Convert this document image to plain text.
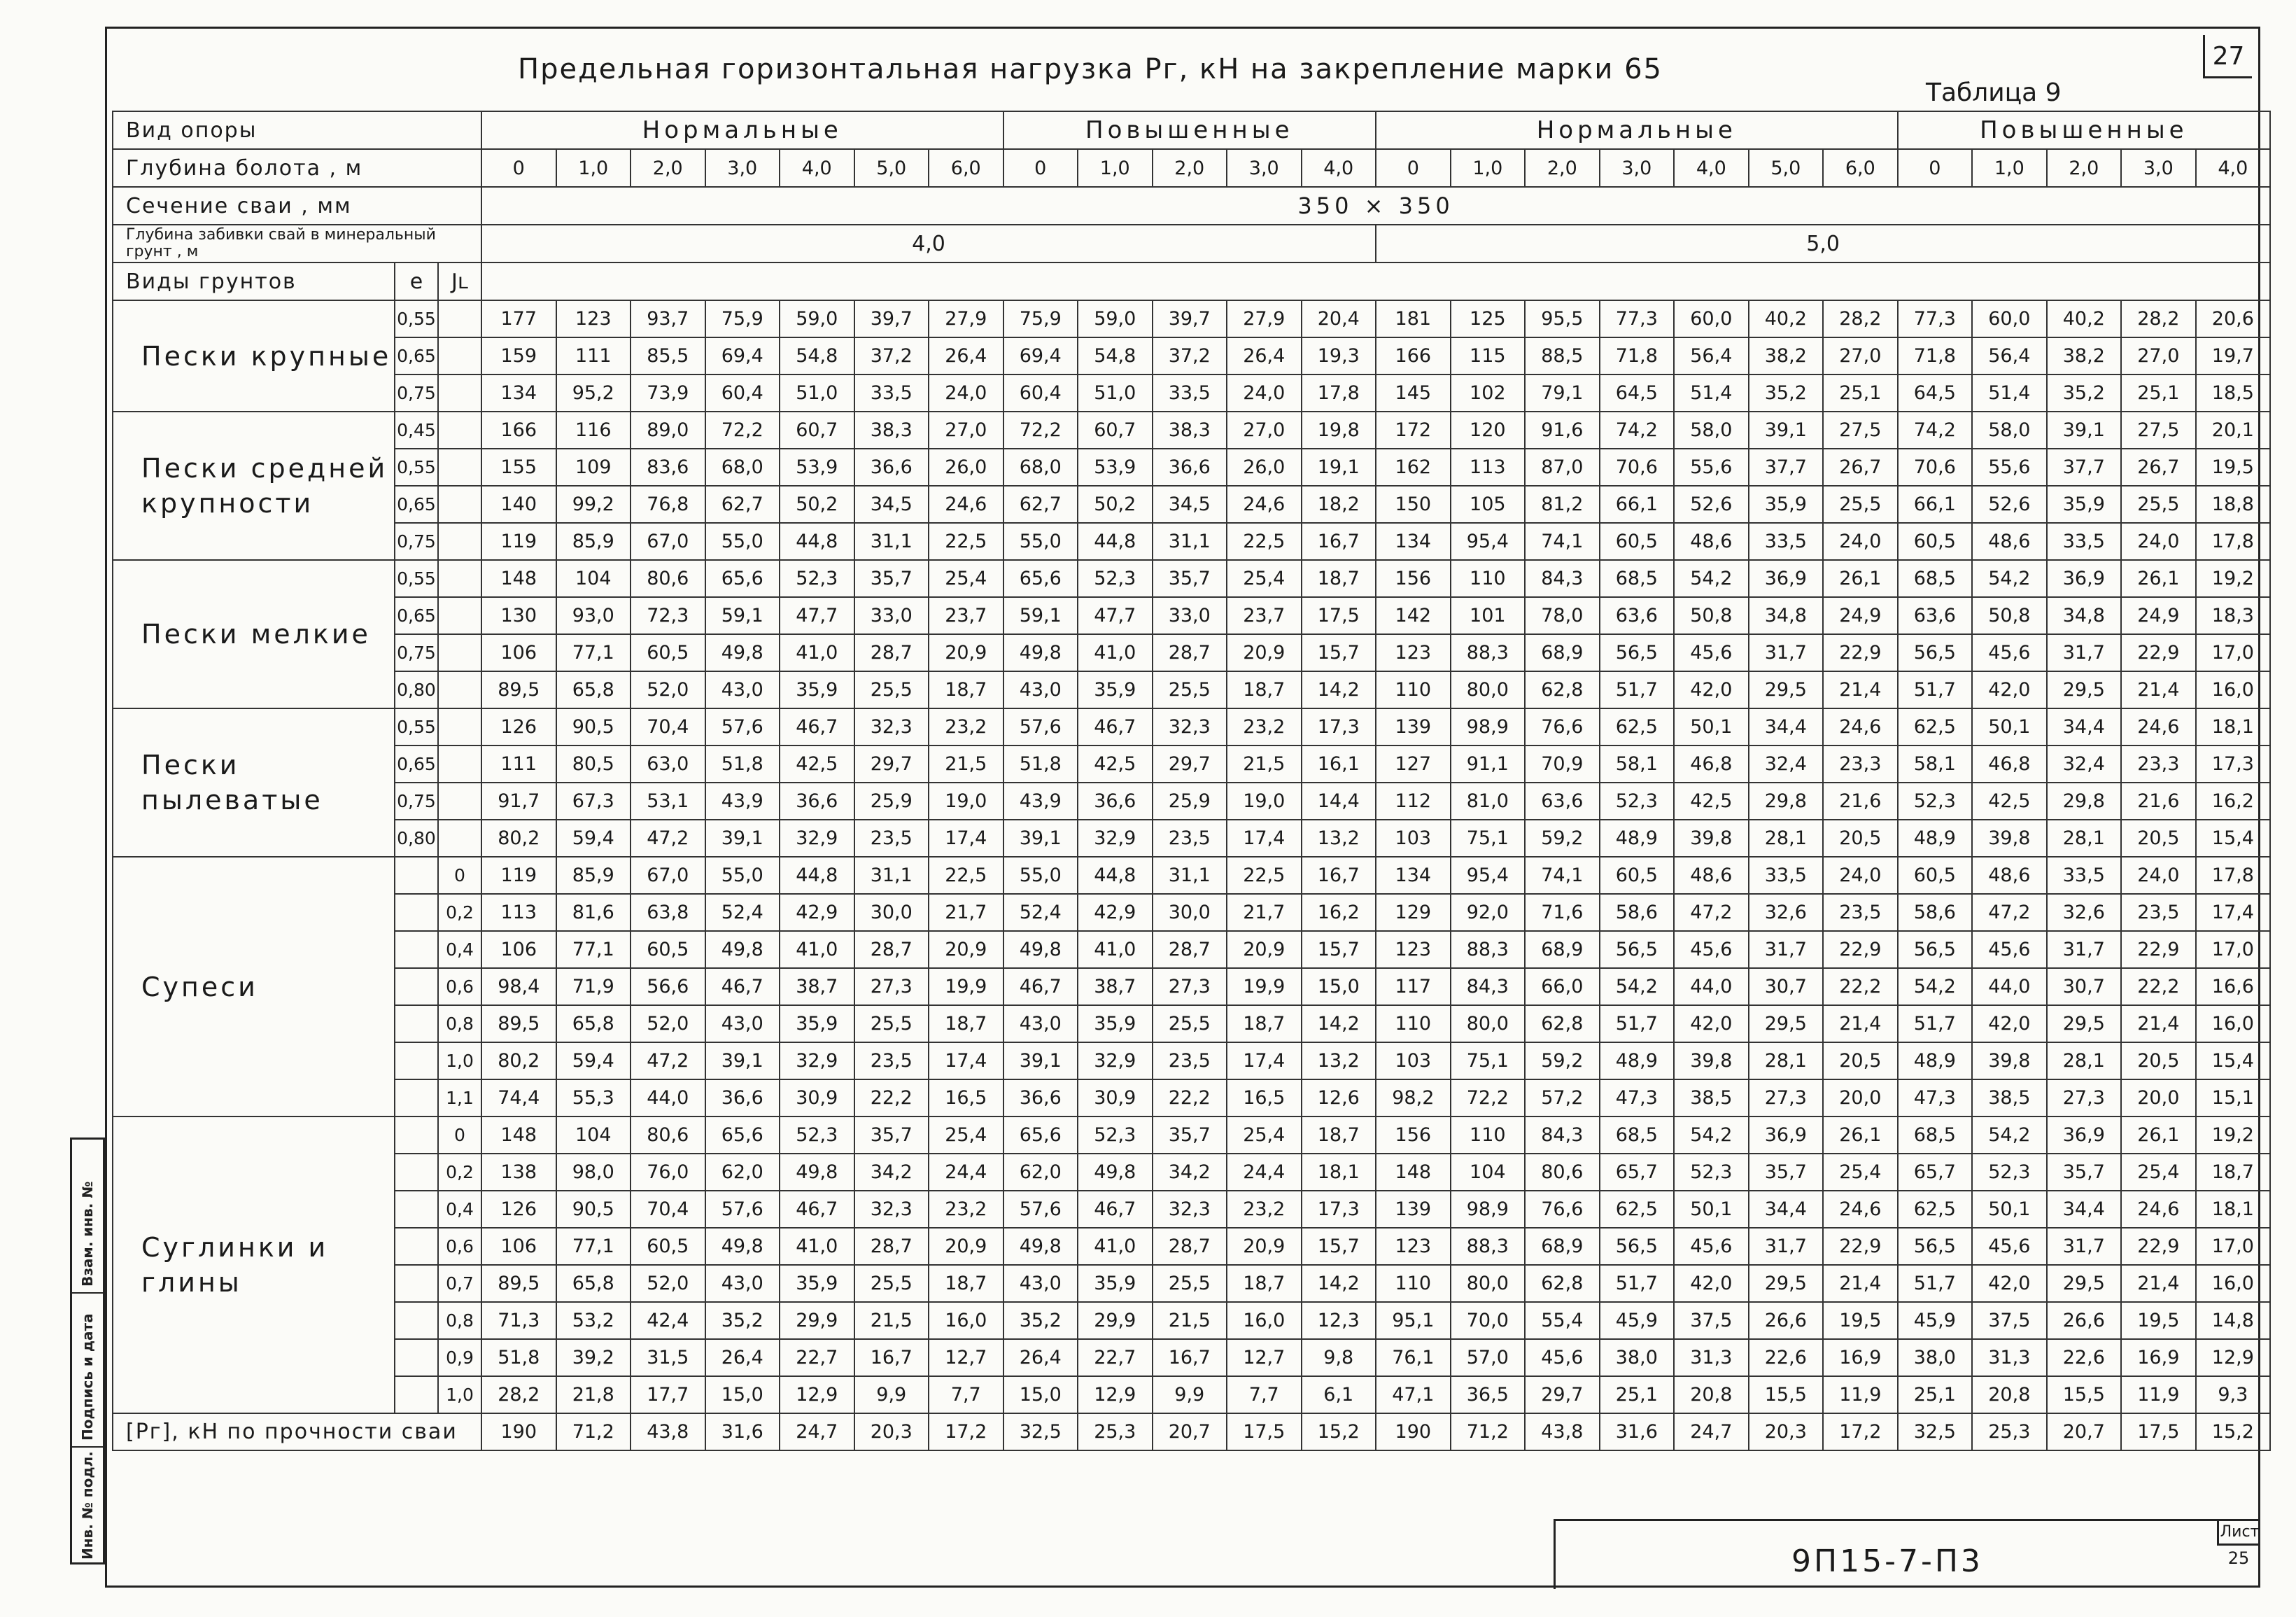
Взам. инв. №
Подпись и дата
Инв. № подл.
Предельная горизонтальная нагрузка Pг, кН на закрепление марки 65	27
Таблица 9
Вид опоры			Нормальные							Повышенные					Нормальные							Повышенные				
Глубина болота , м			0	1,0	2,0	3,0	4,0	5,0	6,0	0	1,0	2,0	3,0	4,0	0	1,0	2,0	3,0	4,0	5,0	6,0	0	1,0	2,0	3,0	4,0
Сечение сваи , мм			350 × 350																							
Глубина забивки свай в минеральный грунт , м			4,0												5,0											
Виды грунтов	e	Jʟ																								
Пески крупные	0,55		177	123	93,7	75,9	59,0	39,7	27,9	75,9	59,0	39,7	27,9	20,4	181	125	95,5	77,3	60,0	40,2	28,2	77,3	60,0	40,2	28,2	20,6
	0,65		159	111	85,5	69,4	54,8	37,2	26,4	69,4	54,8	37,2	26,4	19,3	166	115	88,5	71,8	56,4	38,2	27,0	71,8	56,4	38,2	27,0	19,7
	0,75		134	95,2	73,9	60,4	51,0	33,5	24,0	60,4	51,0	33,5	24,0	17,8	145	102	79,1	64,5	51,4	35,2	25,1	64,5	51,4	35,2	25,1	18,5
Пески средней крупности	0,45		166	116	89,0	72,2	60,7	38,3	27,0	72,2	60,7	38,3	27,0	19,8	172	120	91,6	74,2	58,0	39,1	27,5	74,2	58,0	39,1	27,5	20,1
	0,55		155	109	83,6	68,0	53,9	36,6	26,0	68,0	53,9	36,6	26,0	19,1	162	113	87,0	70,6	55,6	37,7	26,7	70,6	55,6	37,7	26,7	19,5
	0,65		140	99,2	76,8	62,7	50,2	34,5	24,6	62,7	50,2	34,5	24,6	18,2	150	105	81,2	66,1	52,6	35,9	25,5	66,1	52,6	35,9	25,5	18,8
	0,75		119	85,9	67,0	55,0	44,8	31,1	22,5	55,0	44,8	31,1	22,5	16,7	134	95,4	74,1	60,5	48,6	33,5	24,0	60,5	48,6	33,5	24,0	17,8
Пески мелкие	0,55		148	104	80,6	65,6	52,3	35,7	25,4	65,6	52,3	35,7	25,4	18,7	156	110	84,3	68,5	54,2	36,9	26,1	68,5	54,2	36,9	26,1	19,2
	0,65		130	93,0	72,3	59,1	47,7	33,0	23,7	59,1	47,7	33,0	23,7	17,5	142	101	78,0	63,6	50,8	34,8	24,9	63,6	50,8	34,8	24,9	18,3
	0,75		106	77,1	60,5	49,8	41,0	28,7	20,9	49,8	41,0	28,7	20,9	15,7	123	88,3	68,9	56,5	45,6	31,7	22,9	56,5	45,6	31,7	22,9	17,0
	0,80		89,5	65,8	52,0	43,0	35,9	25,5	18,7	43,0	35,9	25,5	18,7	14,2	110	80,0	62,8	51,7	42,0	29,5	21,4	51,7	42,0	29,5	21,4	16,0
Пески пылеватые	0,55		126	90,5	70,4	57,6	46,7	32,3	23,2	57,6	46,7	32,3	23,2	17,3	139	98,9	76,6	62,5	50,1	34,4	24,6	62,5	50,1	34,4	24,6	18,1
	0,65		111	80,5	63,0	51,8	42,5	29,7	21,5	51,8	42,5	29,7	21,5	16,1	127	91,1	70,9	58,1	46,8	32,4	23,3	58,1	46,8	32,4	23,3	17,3
	0,75		91,7	67,3	53,1	43,9	36,6	25,9	19,0	43,9	36,6	25,9	19,0	14,4	112	81,0	63,6	52,3	42,5	29,8	21,6	52,3	42,5	29,8	21,6	16,2
	0,80		80,2	59,4	47,2	39,1	32,9	23,5	17,4	39,1	32,9	23,5	17,4	13,2	103	75,1	59,2	48,9	39,8	28,1	20,5	48,9	39,8	28,1	20,5	15,4
Супеси		0	119	85,9	67,0	55,0	44,8	31,1	22,5	55,0	44,8	31,1	22,5	16,7	134	95,4	74,1	60,5	48,6	33,5	24,0	60,5	48,6	33,5	24,0	17,8
		0,2	113	81,6	63,8	52,4	42,9	30,0	21,7	52,4	42,9	30,0	21,7	16,2	129	92,0	71,6	58,6	47,2	32,6	23,5	58,6	47,2	32,6	23,5	17,4
		0,4	106	77,1	60,5	49,8	41,0	28,7	20,9	49,8	41,0	28,7	20,9	15,7	123	88,3	68,9	56,5	45,6	31,7	22,9	56,5	45,6	31,7	22,9	17,0
		0,6	98,4	71,9	56,6	46,7	38,7	27,3	19,9	46,7	38,7	27,3	19,9	15,0	117	84,3	66,0	54,2	44,0	30,7	22,2	54,2	44,0	30,7	22,2	16,6
		0,8	89,5	65,8	52,0	43,0	35,9	25,5	18,7	43,0	35,9	25,5	18,7	14,2	110	80,0	62,8	51,7	42,0	29,5	21,4	51,7	42,0	29,5	21,4	16,0
		1,0	80,2	59,4	47,2	39,1	32,9	23,5	17,4	39,1	32,9	23,5	17,4	13,2	103	75,1	59,2	48,9	39,8	28,1	20,5	48,9	39,8	28,1	20,5	15,4
		1,1	74,4	55,3	44,0	36,6	30,9	22,2	16,5	36,6	30,9	22,2	16,5	12,6	98,2	72,2	57,2	47,3	38,5	27,3	20,0	47,3	38,5	27,3	20,0	15,1
Суглинки и глины		0	148	104	80,6	65,6	52,3	35,7	25,4	65,6	52,3	35,7	25,4	18,7	156	110	84,3	68,5	54,2	36,9	26,1	68,5	54,2	36,9	26,1	19,2
		0,2	138	98,0	76,0	62,0	49,8	34,2	24,4	62,0	49,8	34,2	24,4	18,1	148	104	80,6	65,7	52,3	35,7	25,4	65,7	52,3	35,7	25,4	18,7
		0,4	126	90,5	70,4	57,6	46,7	32,3	23,2	57,6	46,7	32,3	23,2	17,3	139	98,9	76,6	62,5	50,1	34,4	24,6	62,5	50,1	34,4	24,6	18,1
		0,6	106	77,1	60,5	49,8	41,0	28,7	20,9	49,8	41,0	28,7	20,9	15,7	123	88,3	68,9	56,5	45,6	31,7	22,9	56,5	45,6	31,7	22,9	17,0
		0,7	89,5	65,8	52,0	43,0	35,9	25,5	18,7	43,0	35,9	25,5	18,7	14,2	110	80,0	62,8	51,7	42,0	29,5	21,4	51,7	42,0	29,5	21,4	16,0
		0,8	71,3	53,2	42,4	35,2	29,9	21,5	16,0	35,2	29,9	21,5	16,0	12,3	95,1	70,0	55,4	45,9	37,5	26,6	19,5	45,9	37,5	26,6	19,5	14,8
		0,9	51,8	39,2	31,5	26,4	22,7	16,7	12,7	26,4	22,7	16,7	12,7	9,8	76,1	57,0	45,6	38,0	31,3	22,6	16,9	38,0	31,3	22,6	16,9	12,9
		1,0	28,2	21,8	17,7	15,0	12,9	9,9	7,7	15,0	12,9	9,9	7,7	6,1	47,1	36,5	29,7	25,1	20,8	15,5	11,9	25,1	20,8	15,5	11,9	9,3
[Pг], кН по прочности сваи			190	71,2	43,8	31,6	24,7	20,3	17,2	32,5	25,3	20,7	17,5	15,2	190	71,2	43,8	31,6	24,7	20,3	17,2	32,5	25,3	20,7	17,5	15,2
9П15-7-П3
Лист
25
